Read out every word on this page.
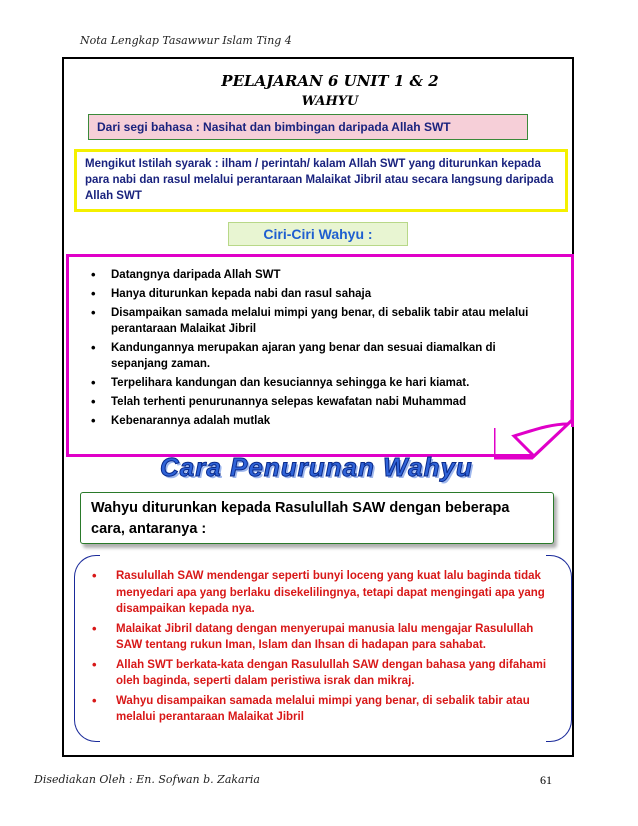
Nota Lengkap Tasawwur Islam Ting 4
PELAJARAN 6 UNIT 1 & 2
WAHYU
Dari segi bahasa : Nasihat dan bimbingan daripada Allah SWT
Mengikut Istilah syarak : ilham / perintah/ kalam Allah SWT yang diturunkan kepada para nabi dan rasul melalui perantaraan Malaikat Jibril atau secara langsung daripada Allah SWT
Ciri-Ciri Wahyu :
• Datangnya daripada Allah SWT
• Hanya diturunkan kepada nabi dan rasul sahaja
• Disampaikan samada melalui mimpi yang benar, di sebalik tabir atau melalui perantaraan Malaikat Jibril
• Kandungannya merupakan ajaran yang benar dan sesuai diamalkan di sepanjang zaman.
• Terpelihara kandungan dan kesuciannya sehingga ke hari kiamat.
• Telah terhenti penurunannya selepas kewafatan nabi Muhammad
• Kebenarannya adalah mutlak
Cara Penurunan Wahyu
Wahyu diturunkan kepada Rasulullah SAW dengan beberapa cara, antaranya :
• Rasulullah SAW mendengar seperti bunyi loceng yang kuat lalu baginda tidak menyedari apa yang berlaku disekelilingnya, tetapi dapat mengingati apa yang disampaikan kepada nya.
• Malaikat Jibril datang dengan menyerupai manusia lalu mengajar Rasulullah SAW tentang rukun Iman, Islam dan Ihsan di hadapan para sahabat.
• Allah SWT berkata-kata dengan Rasulullah SAW dengan bahasa yang difahami oleh baginda, seperti dalam peristiwa israk dan mikraj.
• Wahyu disampaikan samada melalui mimpi yang benar, di sebalik tabir atau melalui perantaraan Malaikat Jibril
Disediakan Oleh : En. Sofwan b. Zakaria	61
